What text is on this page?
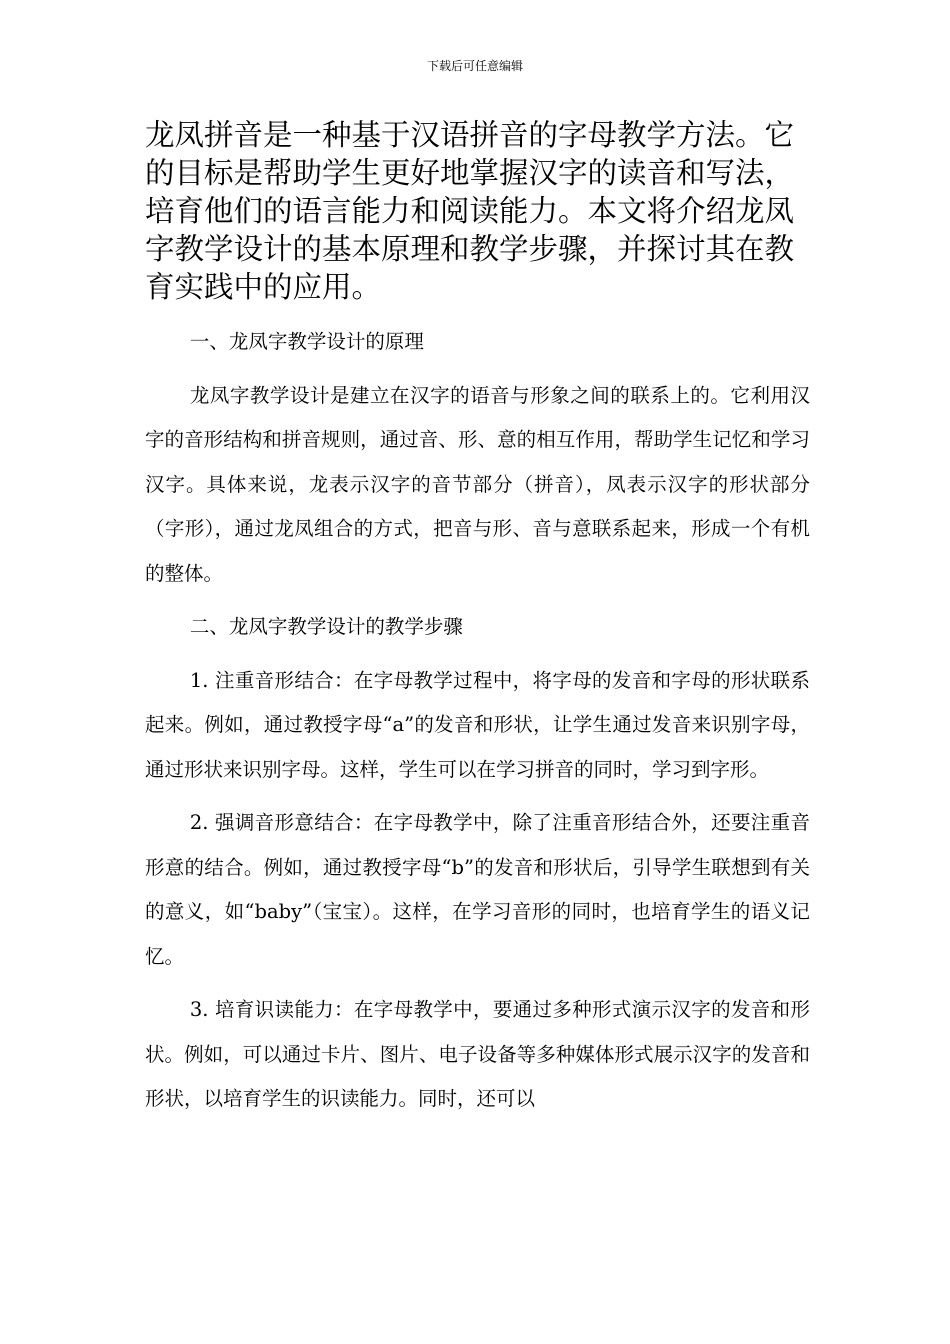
下载后可任意编辑

龙凤拼音是一种基于汉语拼音的字母教学方法。它的目标是帮助学生更好地掌握汉字的读音和写法，培育他们的语言能力和阅读能力。本文将介绍龙凤字教学设计的基本原理和教学步骤，并探讨其在教育实践中的应用。

一、龙凤字教学设计的原理

龙凤字教学设计是建立在汉字的语音与形象之间的联系上的。它利用汉字的音形结构和拼音规则，通过音、形、意的相互作用，帮助学生记忆和学习汉字。具体来说，龙表示汉字的音节部分（拼音），凤表示汉字的形状部分（字形），通过龙凤组合的方式，把音与形、音与意联系起来，形成一个有机的整体。

二、龙凤字教学设计的教学步骤

1. 注重音形结合：在字母教学过程中，将字母的发音和字母的形状联系起来。例如，通过教授字母“a”的发音和形状，让学生通过发音来识别字母，通过形状来识别字母。这样，学生可以在学习拼音的同时，学习到字形。

2. 强调音形意结合：在字母教学中，除了注重音形结合外，还要注重音形意的结合。例如，通过教授字母“b”的发音和形状后，引导学生联想到有关的意义，如“baby”（宝宝）。这样，在学习音形的同时，也培育学生的语义记忆。

3. 培育识读能力：在字母教学中，要通过多种形式演示汉字的发音和形状。例如，可以通过卡片、图片、电子设备等多种媒体形式展示汉字的发音和形状，以培育学生的识读能力。同时，还可以
